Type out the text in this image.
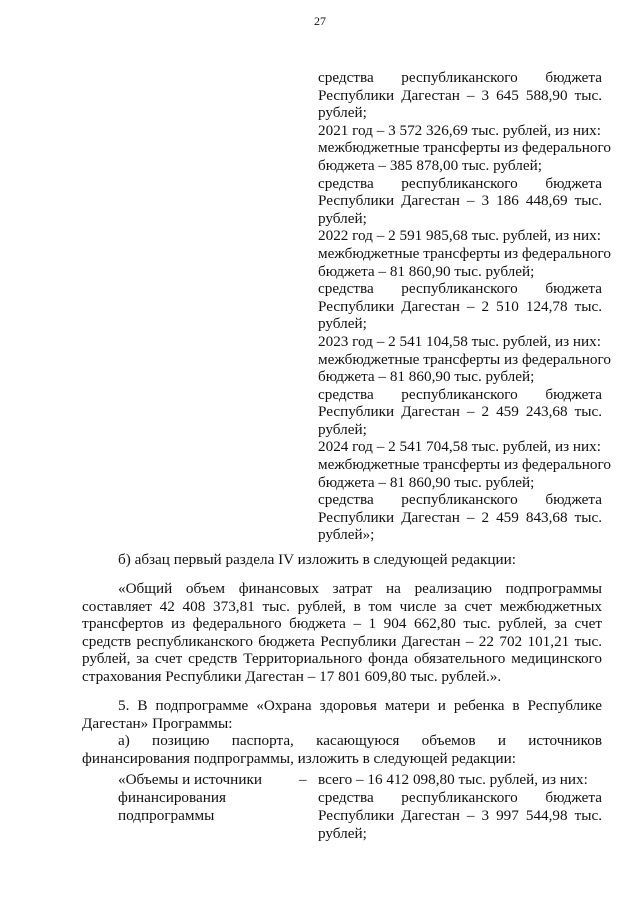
27
средства республиканского бюджета
Республики Дагестан – 3 645 588,90 тыс.
рублей;
2021 год – 3 572 326,69 тыс. рублей, из них:
межбюджетные трансферты из федерального
бюджета – 385 878,00 тыс. рублей;
средства республиканского бюджета
Республики Дагестан – 3 186 448,69 тыс.
рублей;
2022 год – 2 591 985,68 тыс. рублей, из них:
межбюджетные трансферты из федерального
бюджета – 81 860,90 тыс. рублей;
средства республиканского бюджета
Республики Дагестан – 2 510 124,78 тыс.
рублей;
2023 год – 2 541 104,58 тыс. рублей, из них:
межбюджетные трансферты из федерального
бюджета – 81 860,90 тыс. рублей;
средства республиканского бюджета
Республики Дагестан – 2 459 243,68 тыс.
рублей;
2024 год – 2 541 704,58 тыс. рублей, из них:
межбюджетные трансферты из федерального
бюджета – 81 860,90 тыс. рублей;
средства республиканского бюджета
Республики Дагестан – 2 459 843,68 тыс.
рублей»;
б) абзац первый раздела IV изложить в следующей редакции:
«Общий объем финансовых затрат на реализацию подпрограммы
составляет 42 408 373,81 тыс. рублей, в том числе за счет межбюджетных
трансфертов из федерального бюджета – 1 904 662,80 тыс. рублей, за счет
средств республиканского бюджета Республики Дагестан – 22 702 101,21 тыс.
рублей, за счет средств Территориального фонда обязательного медицинского
страхования Республики Дагестан – 17 801 609,80 тыс. рублей.».
5. В подпрограмме «Охрана здоровья матери и ребенка в Республике
Дагестан» Программы:
а) позицию паспорта, касающуюся объемов и источников
финансирования подпрограммы, изложить в следующей редакции:
«Объемы и источники
финансирования
подпрограммы
– всего – 16 412 098,80 тыс. рублей, из них:
средства республиканского бюджета
Республики Дагестан – 3 997 544,98 тыс.
рублей;
